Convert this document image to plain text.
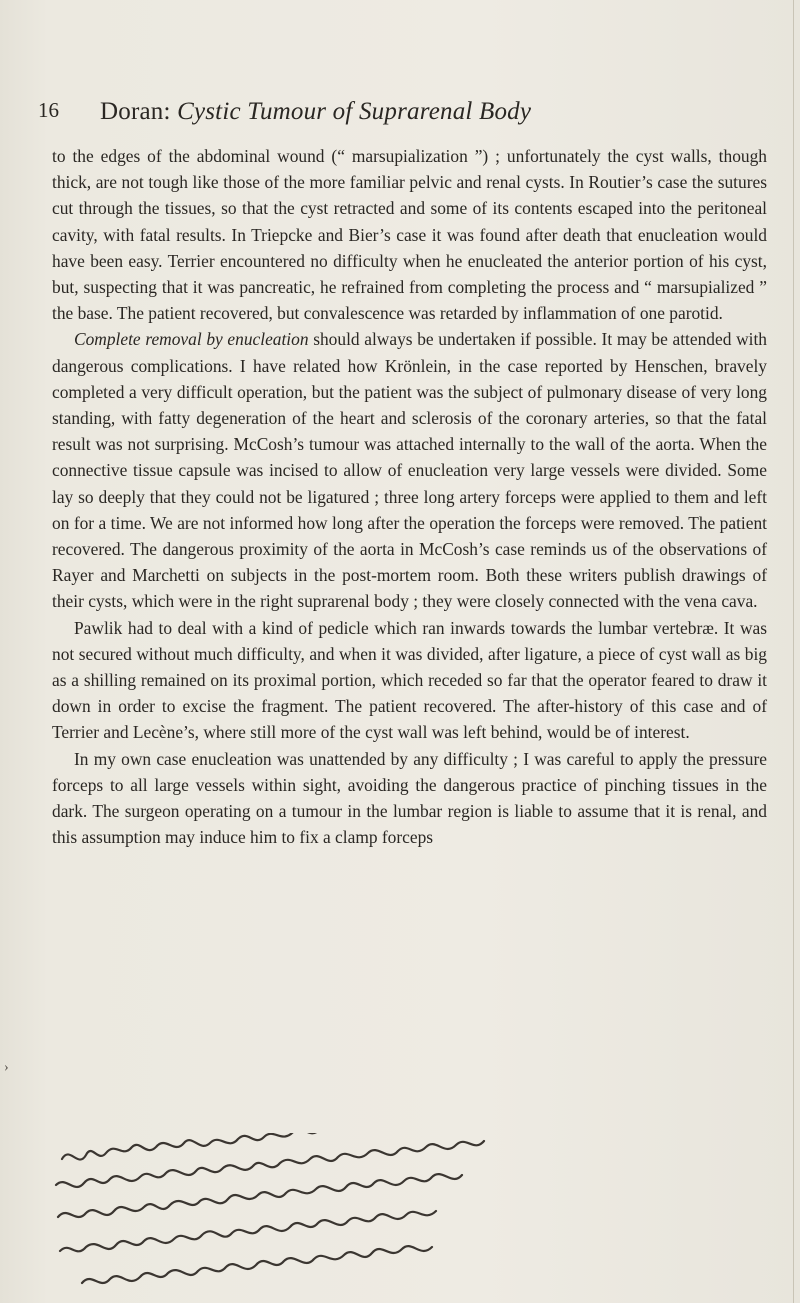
16 Doran: Cystic Tumour of Suprarenal Body

to the edges of the abdominal wound (“ marsupialization ”) ; unfortunately the cyst walls, though thick, are not tough like those of the more familiar pelvic and renal cysts. In Routier’s case the sutures cut through the tissues, so that the cyst retracted and some of its contents escaped into the peritoneal cavity, with fatal results. In Triepcke and Bier’s case it was found after death that enucleation would have been easy. Terrier encountered no difficulty when he enucleated the anterior portion of his cyst, but, suspecting that it was pancreatic, he refrained from completing the process and “ marsupialized ” the base. The patient recovered, but convalescence was retarded by inflammation of one parotid.

Complete removal by enucleation should always be undertaken if possible. It may be attended with dangerous complications. I have related how Krönlein, in the case reported by Henschen, bravely completed a very difficult operation, but the patient was the subject of pulmonary disease of very long standing, with fatty degeneration of the heart and sclerosis of the coronary arteries, so that the fatal result was not surprising. McCosh’s tumour was attached internally to the wall of the aorta. When the connective tissue capsule was incised to allow of enucleation very large vessels were divided. Some lay so deeply that they could not be ligatured ; three long artery forceps were applied to them and left on for a time. We are not informed how long after the operation the forceps were removed. The patient recovered. The dangerous proximity of the aorta in McCosh’s case reminds us of the observations of Rayer and Marchetti on subjects in the post-mortem room. Both these writers publish drawings of their cysts, which were in the right suprarenal body ; they were closely connected with the vena cava.

Pawlik had to deal with a kind of pedicle which ran inwards towards the lumbar vertebræ. It was not secured without much difficulty, and when it was divided, after ligature, a piece of cyst wall as big as a shilling remained on its proximal portion, which receded so far that the operator feared to draw it down in order to excise the fragment. The patient recovered. The after-history of this case and of Terrier and Lecène’s, where still more of the cyst wall was left behind, would be of interest.

In my own case enucleation was unattended by any difficulty ; I was careful to apply the pressure forceps to all large vessels within sight, avoiding the dangerous practice of pinching tissues in the dark. The surgeon operating on a tumour in the lumbar region is liable to assume that it is renal, and this assumption may induce him to fix a clamp forceps

›
